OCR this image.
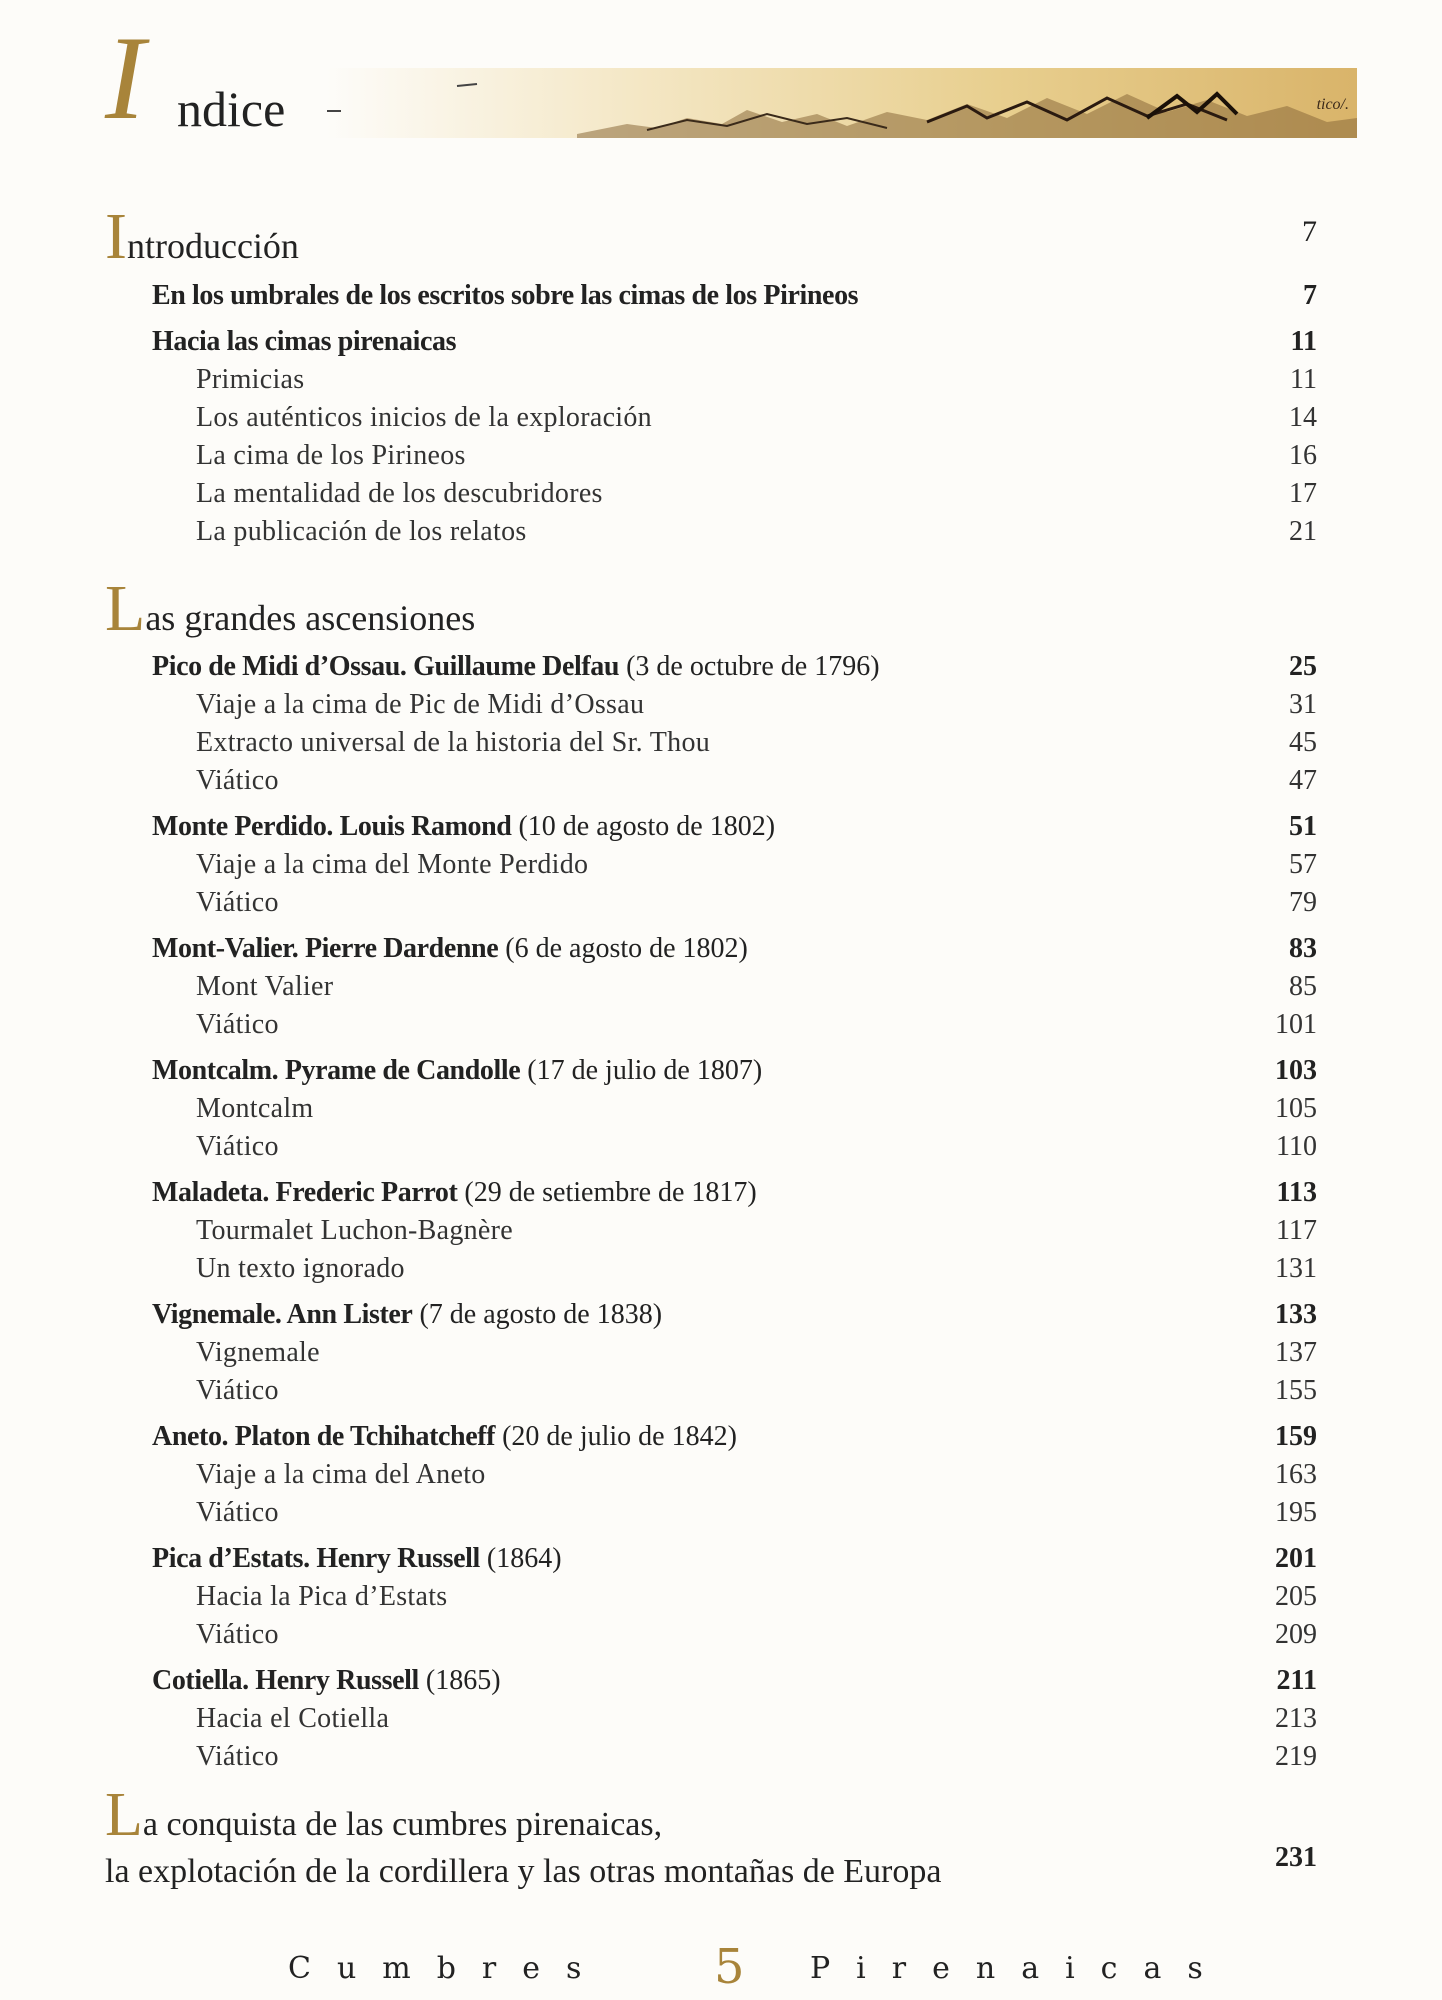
I ndice	tico/.
Introducción	7
En los umbrales de los escritos sobre las cimas de los Pirineos	7
Hacia las cimas pirenaicas	11
Primicias	11
Los auténticos inicios de la exploración	14
La cima de los Pirineos	16
La mentalidad de los descubridores	17
La publicación de los relatos	21
Las grandes ascensiones
Pico de Midi d’Ossau. Guillaume Delfau (3 de octubre de 1796)	25
Viaje a la cima de Pic de Midi d’Ossau	31
Extracto universal de la historia del Sr. Thou	45
Viático	47
Monte Perdido. Louis Ramond (10 de agosto de 1802)	51
Viaje a la cima del Monte Perdido	57
Viático	79
Mont-Valier. Pierre Dardenne (6 de agosto de 1802)	83
Mont Valier	85
Viático	101
Montcalm. Pyrame de Candolle (17 de julio de 1807)	103
Montcalm	105
Viático	110
Maladeta. Frederic Parrot (29 de setiembre de 1817)	113
Tourmalet Luchon-Bagnère	117
Un texto ignorado	131
Vignemale. Ann Lister (7 de agosto de 1838)	133
Vignemale	137
Viático	155
Aneto. Platon de Tchihatcheff (20 de julio de 1842)	159
Viaje a la cima del Aneto	163
Viático	195
Pica d’Estats. Henry Russell (1864)	201
Hacia la Pica d’Estats	205
Viático	209
Cotiella. Henry Russell (1865)	211
Hacia el Cotiella	213
Viático	219
La conquista de las cumbres pirenaicas,
la explotación de la cordillera y las otras montañas de Europa	231
Cumbres 5 Pirenaicas
